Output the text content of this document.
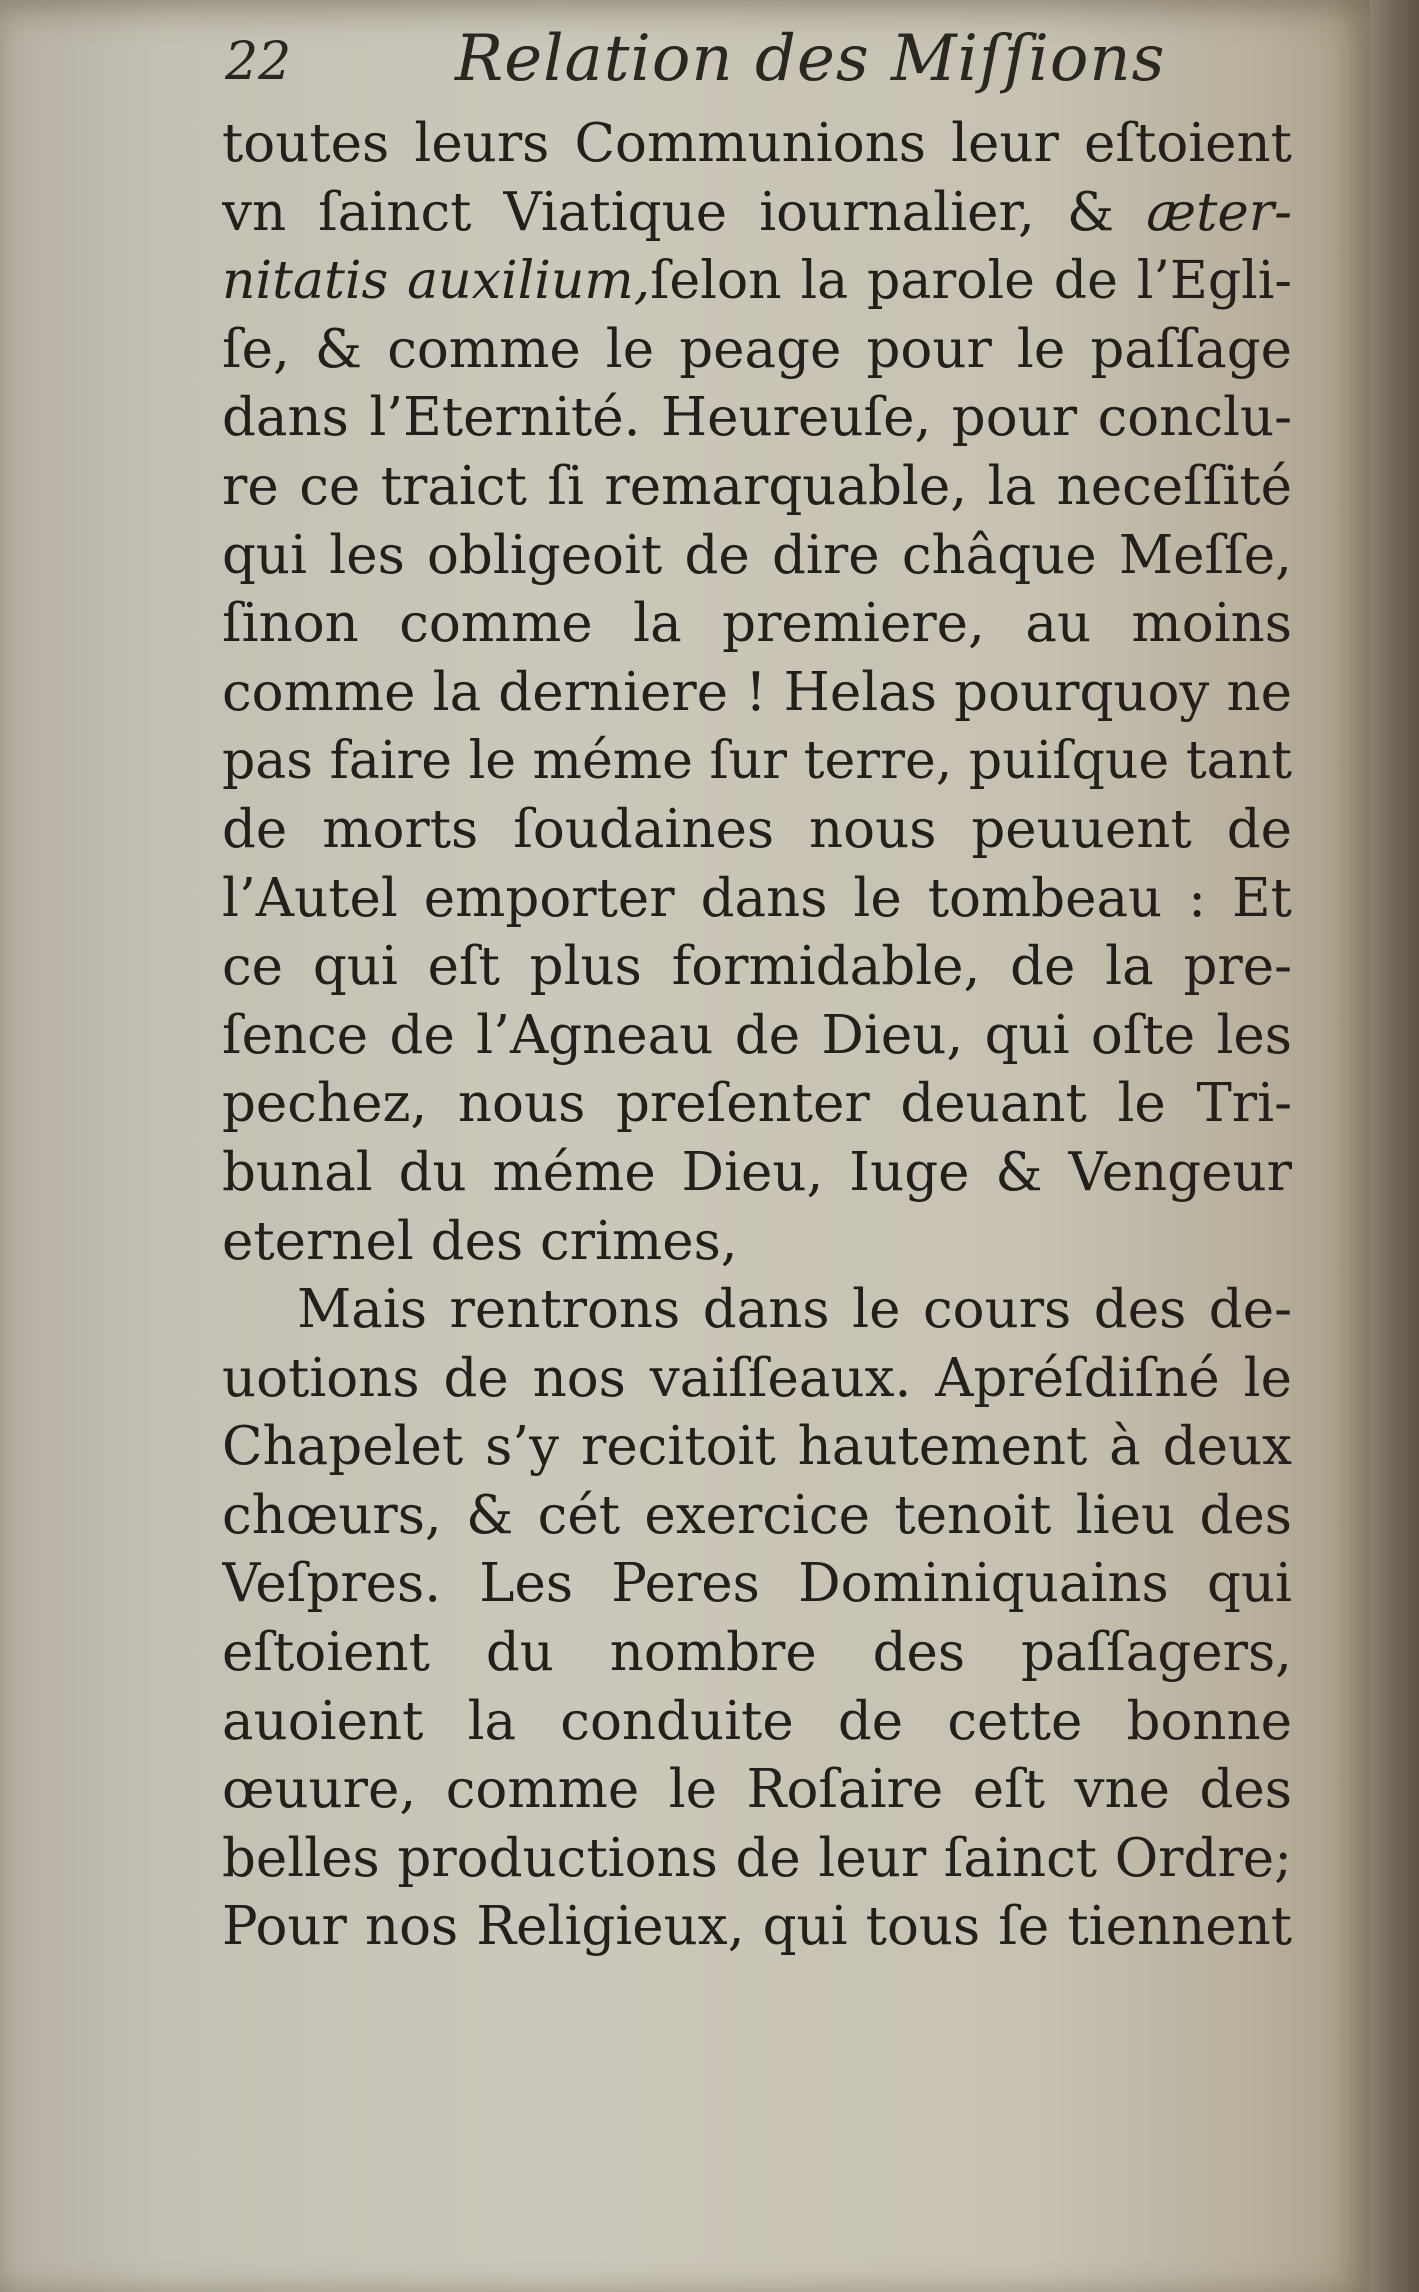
22	Relation des Miſſions
toutes leurs Communions leur eſtoient
vn ſainct Viatique iournalier, & æter-
nitatis auxilium,ſelon la parole de l’Egli-
ſe, & comme le peage pour le paſſage
dans l’Eternité. Heureuſe, pour conclu-
re ce traict ſi remarquable, la neceſſité
qui les obligeoit de dire châque Meſſe,
ſinon comme la premiere, au moins
comme la derniere ! Helas pourquoy ne
pas faire le méme ſur terre, puiſque tant
de morts ſoudaines nous peuuent de
l’Autel emporter dans le tombeau : Et
ce qui eſt plus formidable, de la pre-
ſence de l’Agneau de Dieu, qui oſte les
pechez, nous preſenter deuant le Tri-
bunal du méme Dieu, Iuge & Vengeur
eternel des crimes,
Mais rentrons dans le cours des de-
uotions de nos vaiſſeaux. Apréſdiſné le
Chapelet s’y recitoit hautement à deux
chœurs, & cét exercice tenoit lieu des
Veſpres. Les Peres Dominiquains qui
eſtoient du nombre des paſſagers,
auoient la conduite de cette bonne
œuure, comme le Roſaire eſt vne des
belles productions de leur ſainct Ordre;
Pour nos Religieux, qui tous ſe tiennent
